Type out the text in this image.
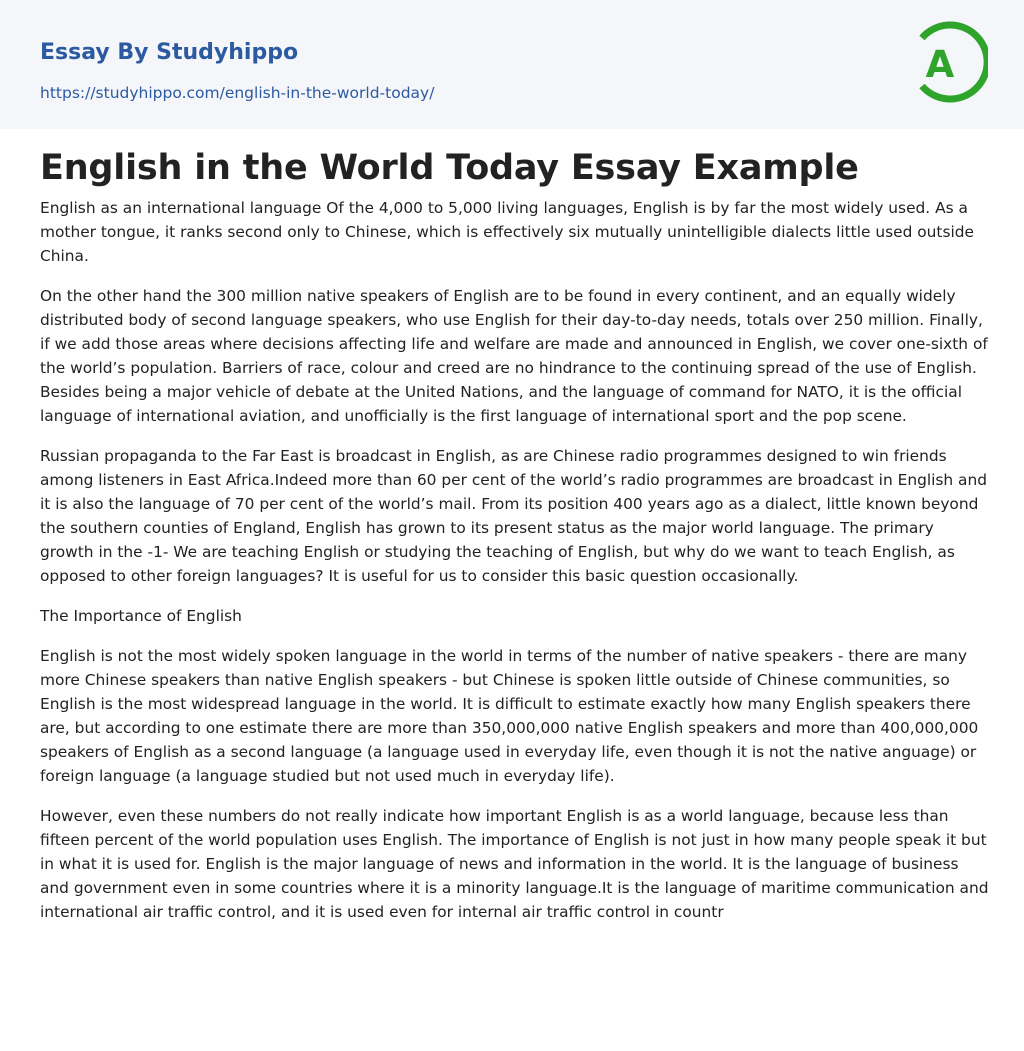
Essay By Studyhippo
https://studyhippo.com/english-in-the-world-today/
A
English in the World Today Essay Example

English as an international language Of the 4,000 to 5,000 living languages, English is by far the most widely used. As a mother tongue, it ranks second only to Chinese, which is effectively six mutually unintelligible dialects little used outside China.

On the other hand the 300 million native speakers of English are to be found in every continent, and an equally widely distributed body of second language speakers, who use English for their day-to-day needs, totals over 250 million. Finally, if we add those areas where decisions affecting life and welfare are made and announced in English, we cover one-sixth of the world’s population. Barriers of race, colour and creed are no hindrance to the continuing spread of the use of English. Besides being a major vehicle of debate at the United Nations, and the language of command for NATO, it is the official language of international aviation, and unofficially is the first language of international sport and the pop scene.

Russian propaganda to the Far East is broadcast in English, as are Chinese radio programmes designed to win friends among listeners in East Africa.Indeed more than 60 per cent of the world’s radio programmes are broadcast in English and it is also the language of 70 per cent of the world’s mail. From its position 400 years ago as a dialect, little known beyond the southern counties of England, English has grown to its present status as the major world language. The primary growth in the -1- We are teaching English or studying the teaching of English, but why do we want to teach English, as opposed to other foreign languages? It is useful for us to consider this basic question occasionally.

The Importance of English

English is not the most widely spoken language in the world in terms of the number of native speakers - there are many more Chinese speakers than native English speakers - but Chinese is spoken little outside of Chinese communities, so English is the most widespread language in the world. It is difficult to estimate exactly how many English speakers there are, but according to one estimate there are more than 350,000,000 native English speakers and more than 400,000,000 speakers of English as a second language (a language used in everyday life, even though it is not the native anguage) or foreign language (a language studied but not used much in everyday life).

However, even these numbers do not really indicate how important English is as a world language, because less than fifteen percent of the world population uses English. The importance of English is not just in how many people speak it but in what it is used for. English is the major language of news and information in the world. It is the language of business and government even in some countries where it is a minority language.It is the language of maritime communication and international air traffic control, and it is used even for internal air traffic control in countr
